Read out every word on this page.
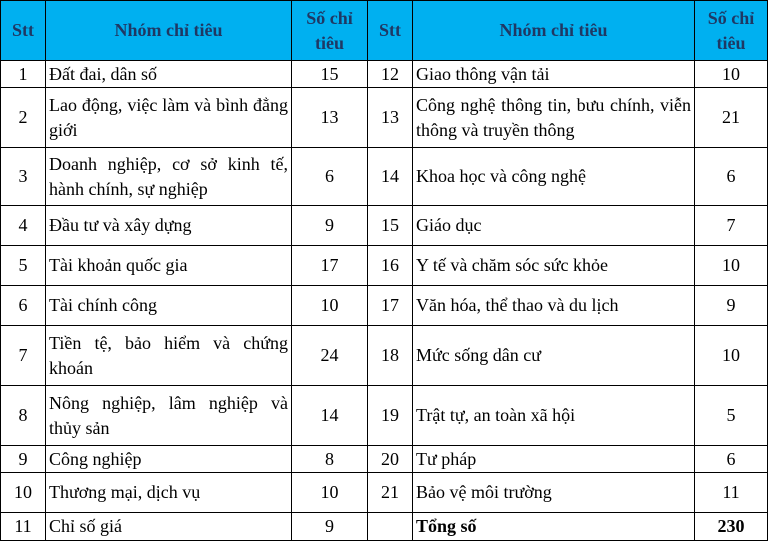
Stt	Nhóm chỉ tiêu	Số chỉ tiêu	Stt	Nhóm chỉ tiêu	Số chỉ tiêu
1	Đất đai, dân số	15	12	Giao thông vận tải	10
2	Lao động, việc làm và bình đẳng giới	13	13	Công nghệ thông tin, bưu chính, viễn thông và truyền thông	21
3	Doanh nghiệp, cơ sở kinh tế, hành chính, sự nghiệp	6	14	Khoa học và công nghệ	6
4	Đầu tư và xây dựng	9	15	Giáo dục	7
5	Tài khoản quốc gia	17	16	Y tế và chăm sóc sức khỏe	10
6	Tài chính công	10	17	Văn hóa, thể thao và du lịch	9
7	Tiền tệ, bảo hiểm và chứng khoán	24	18	Mức sống dân cư	10
8	Nông nghiệp, lâm nghiệp và thủy sản	14	19	Trật tự, an toàn xã hội	5
9	Công nghiệp	8	20	Tư pháp	6
10	Thương mại, dịch vụ	10	21	Bảo vệ môi trường	11
11	Chỉ số giá	9		Tổng số	230
